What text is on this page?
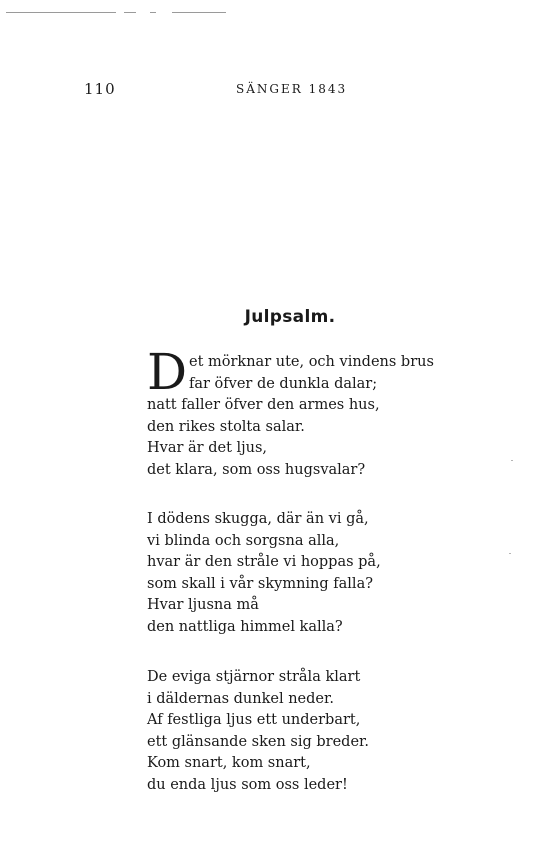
110	SÄNGER 1843
Julpsalm.
D et mörknar ute, och vindens brus
far öfver de dunkla dalar;
natt faller öfver den armes hus,
den rikes stolta salar.
Hvar är det ljus,
det klara, som oss hugsvalar?
I dödens skugga, där än vi gå,
vi blinda och sorgsna alla,
hvar är den stråle vi hoppas på,
som skall i vår skymning falla?
Hvar ljusna må
den nattliga himmel kalla?
De eviga stjärnor stråla klart
i däldernas dunkel neder.
Af festliga ljus ett underbart,
ett glänsande sken sig breder.
Kom snart, kom snart,
du enda ljus som oss leder!
